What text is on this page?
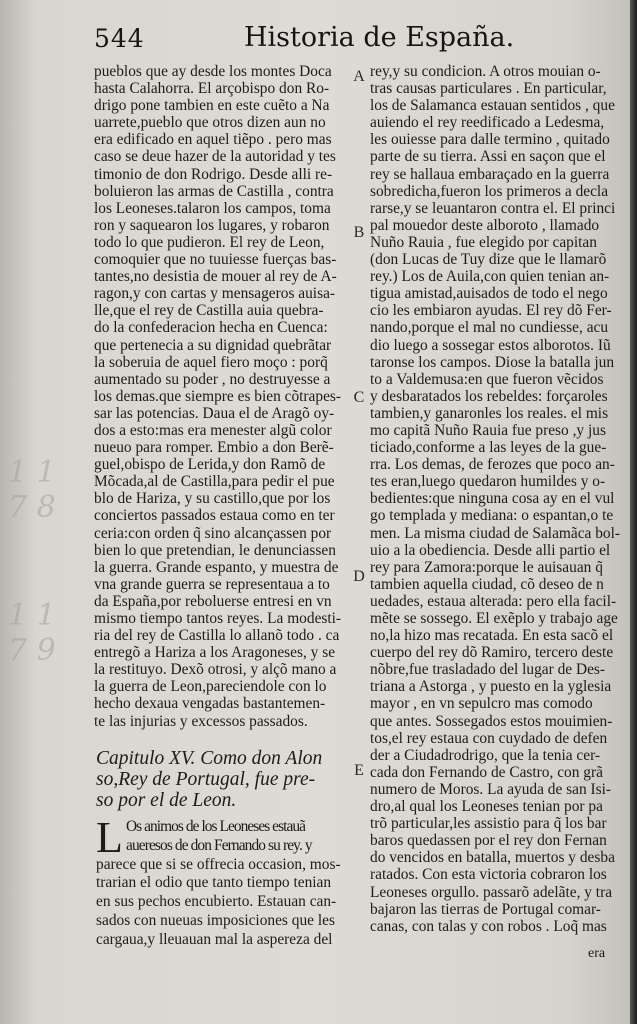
1 1 7 8
1 1 7 9
544	Historia de España.
pueblos que ay desde los montes Doca
hasta Calahorra. El arçobispo don Ro-
drigo pone tambien en este cuẽto a Na
uarrete,pueblo que otros dizen aun no
era edificado en aquel tiẽpo . pero mas
caso se deue hazer de la autoridad y tes
timonio de don Rodrigo. Desde alli re-
boluieron las armas de Castilla , contra
los Leoneses.talaron los campos, toma
ron y saquearon los lugares, y robaron
todo lo que pudieron. El rey de Leon,
comoquier que no tuuiesse fuerças bas-
tantes,no desistia de mouer al rey de A-
ragon,y con cartas y mensageros auisa-
lle,que el rey de Castilla auia quebra-
do la confederacion hecha en Cuenca:
que pertenecia a su dignidad quebrãtar
la soberuia de aquel fiero moço : porq̃
aumentado su poder , no destruyesse a
los demas.que siempre es bien cõtrapes-
sar las potencias. Daua el de Aragõ oy-
dos a esto:mas era menester algũ color
nueuo para romper. Embio a don Berẽ-
guel,obispo de Lerida,y don Ramõ de
Mõcada,al de Castilla,para pedir el pue
blo de Hariza, y su castillo,que por los
conciertos passados estaua como en ter
ceria:con orden q̃ sino alcançassen por
bien lo que pretendian, le denunciassen
la guerra. Grande espanto, y muestra de
vna grande guerra se representaua a to
da España,por reboluerse entresi en vn
mismo tiempo tantos reyes. La modesti-
ria del rey de Castilla lo allanõ todo . ca
entregõ a Hariza a los Aragoneses, y se
la restituyo. Dexõ otrosi, y alçõ mano a
la guerra de Leon,pareciendole con lo
hecho dexaua vengadas bastantemen-
te las injurias y excessos passados.
A
B
C
D
E
Capitulo XV. Como don Alon
so,Rey de Portugal, fue pre-
so por el de Leon.
L Os animos de los Leoneses estauã
aueresos de don Fernando su rey. y
parece que si se offrecia occasion, mos-
trarian el odio que tanto tiempo tenian
en sus pechos encubierto. Estauan can-
sados con nueuas imposiciones que les
cargaua,y lleuauan mal la aspereza del
rey,y su condicion. A otros mouian o-
tras causas particulares . En particular,
los de Salamanca estauan sentidos , que
auiendo el rey reedificado a Ledesma,
les ouiesse para dalle termino , quitado
parte de su tierra. Assi en saçon que el
rey se hallaua embaraçado en la guerra
sobredicha,fueron los primeros a decla
rarse,y se leuantaron contra el. El princi
pal mouedor deste alboroto , llamado
Nuño Rauia , fue elegido por capitan
(don Lucas de Tuy dize que le llamarõ
rey.) Los de Auila,con quien tenian an-
tigua amistad,auisados de todo el nego
cio les embiaron ayudas. El rey dõ Fer-
nando,porque el mal no cundiesse, acu
dio luego a sossegar estos alborotos. Iũ
taronse los campos. Diose la batalla jun
to a Valdemusa:en que fueron vẽcidos
y desbaratados los rebeldes: forçaroles
tambien,y ganaronles los reales. el mis
mo capitã Nuño Rauia fue preso ,y jus
ticiado,conforme a las leyes de la gue-
rra. Los demas, de ferozes que poco an-
tes eran,luego quedaron humildes y o-
bedientes:que ninguna cosa ay en el vul
go templada y mediana: o espantan,o te
men. La misma ciudad de Salamãca bol-
uio a la obediencia. Desde alli partio el
rey para Zamora:porque le auisauan q̃
tambien aquella ciudad, cõ deseo de n
uedades, estaua alterada: pero ella facil-
mẽte se sossego. El exẽplo y trabajo age
no,la hizo mas recatada. En esta sacõ el
cuerpo del rey dõ Ramiro, tercero deste
nõbre,fue trasladado del lugar de Des-
triana a Astorga , y puesto en la yglesia
mayor , en vn sepulcro mas comodo
que antes. Sossegados estos mouimien-
tos,el rey estaua con cuydado de defen
der a Ciudadrodrigo, que la tenia cer-
cada don Fernando de Castro, con grã
numero de Moros. La ayuda de san Isi-
dro,al qual los Leoneses tenian por pa
trõ particular,les assistio para q̃ los bar
baros quedassen por el rey don Fernan
do vencidos en batalla, muertos y desba
ratados. Con esta victoria cobraron los
Leoneses orgullo. passarõ adelãte, y tra
bajaron las tierras de Portugal comar-
canas, con talas y con robos . Loq̃ mas
era
